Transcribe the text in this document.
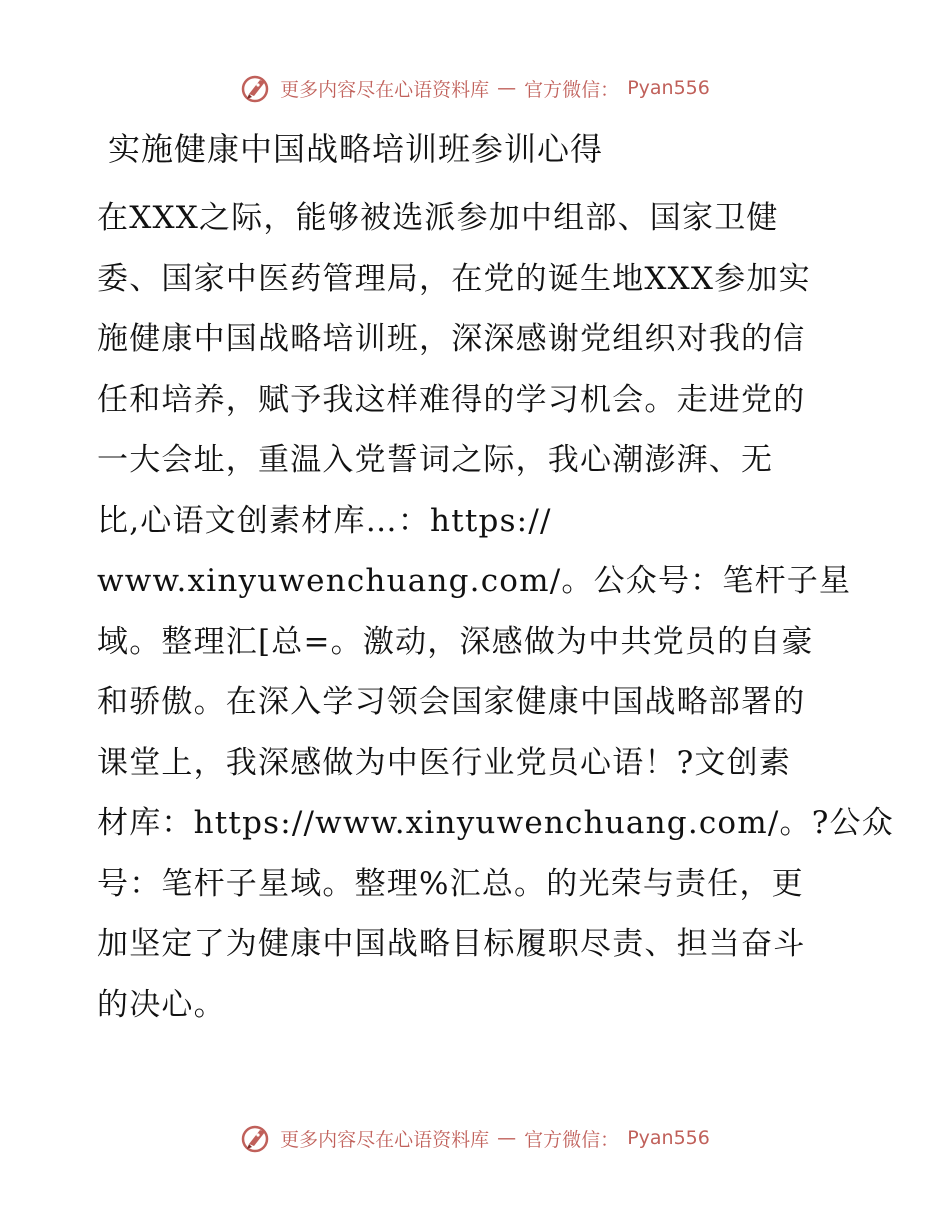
更多内容尽在心语资料库 — 官方微信： Pyan556
实施健康中国战略培训班参训心得
在XXX之际，能够被选派参加中组部、国家卫健
委、国家中医药管理局，在党的诞生地XXX参加实
施健康中国战略培训班，深深感谢党组织对我的信
任和培养，赋予我这样难得的学习机会。走进党的
一大会址，重温入党誓词之际，我心潮澎湃、无
比,心语文创素材库…：https://
www.xinyuwenchuang.com/。公众号：笔杆子星
域。整理汇[总=。激动，深感做为中共党员的自豪
和骄傲。在深入学习领会国家健康中国战略部署的
课堂上，我深感做为中医行业党员心语！?文创素
材库：https://www.xinyuwenchuang.com/。?公众
号：笔杆子星域。整理%汇总。的光荣与责任，更
加坚定了为健康中国战略目标履职尽责、担当奋斗
的决心。
更多内容尽在心语资料库 — 官方微信： Pyan556
